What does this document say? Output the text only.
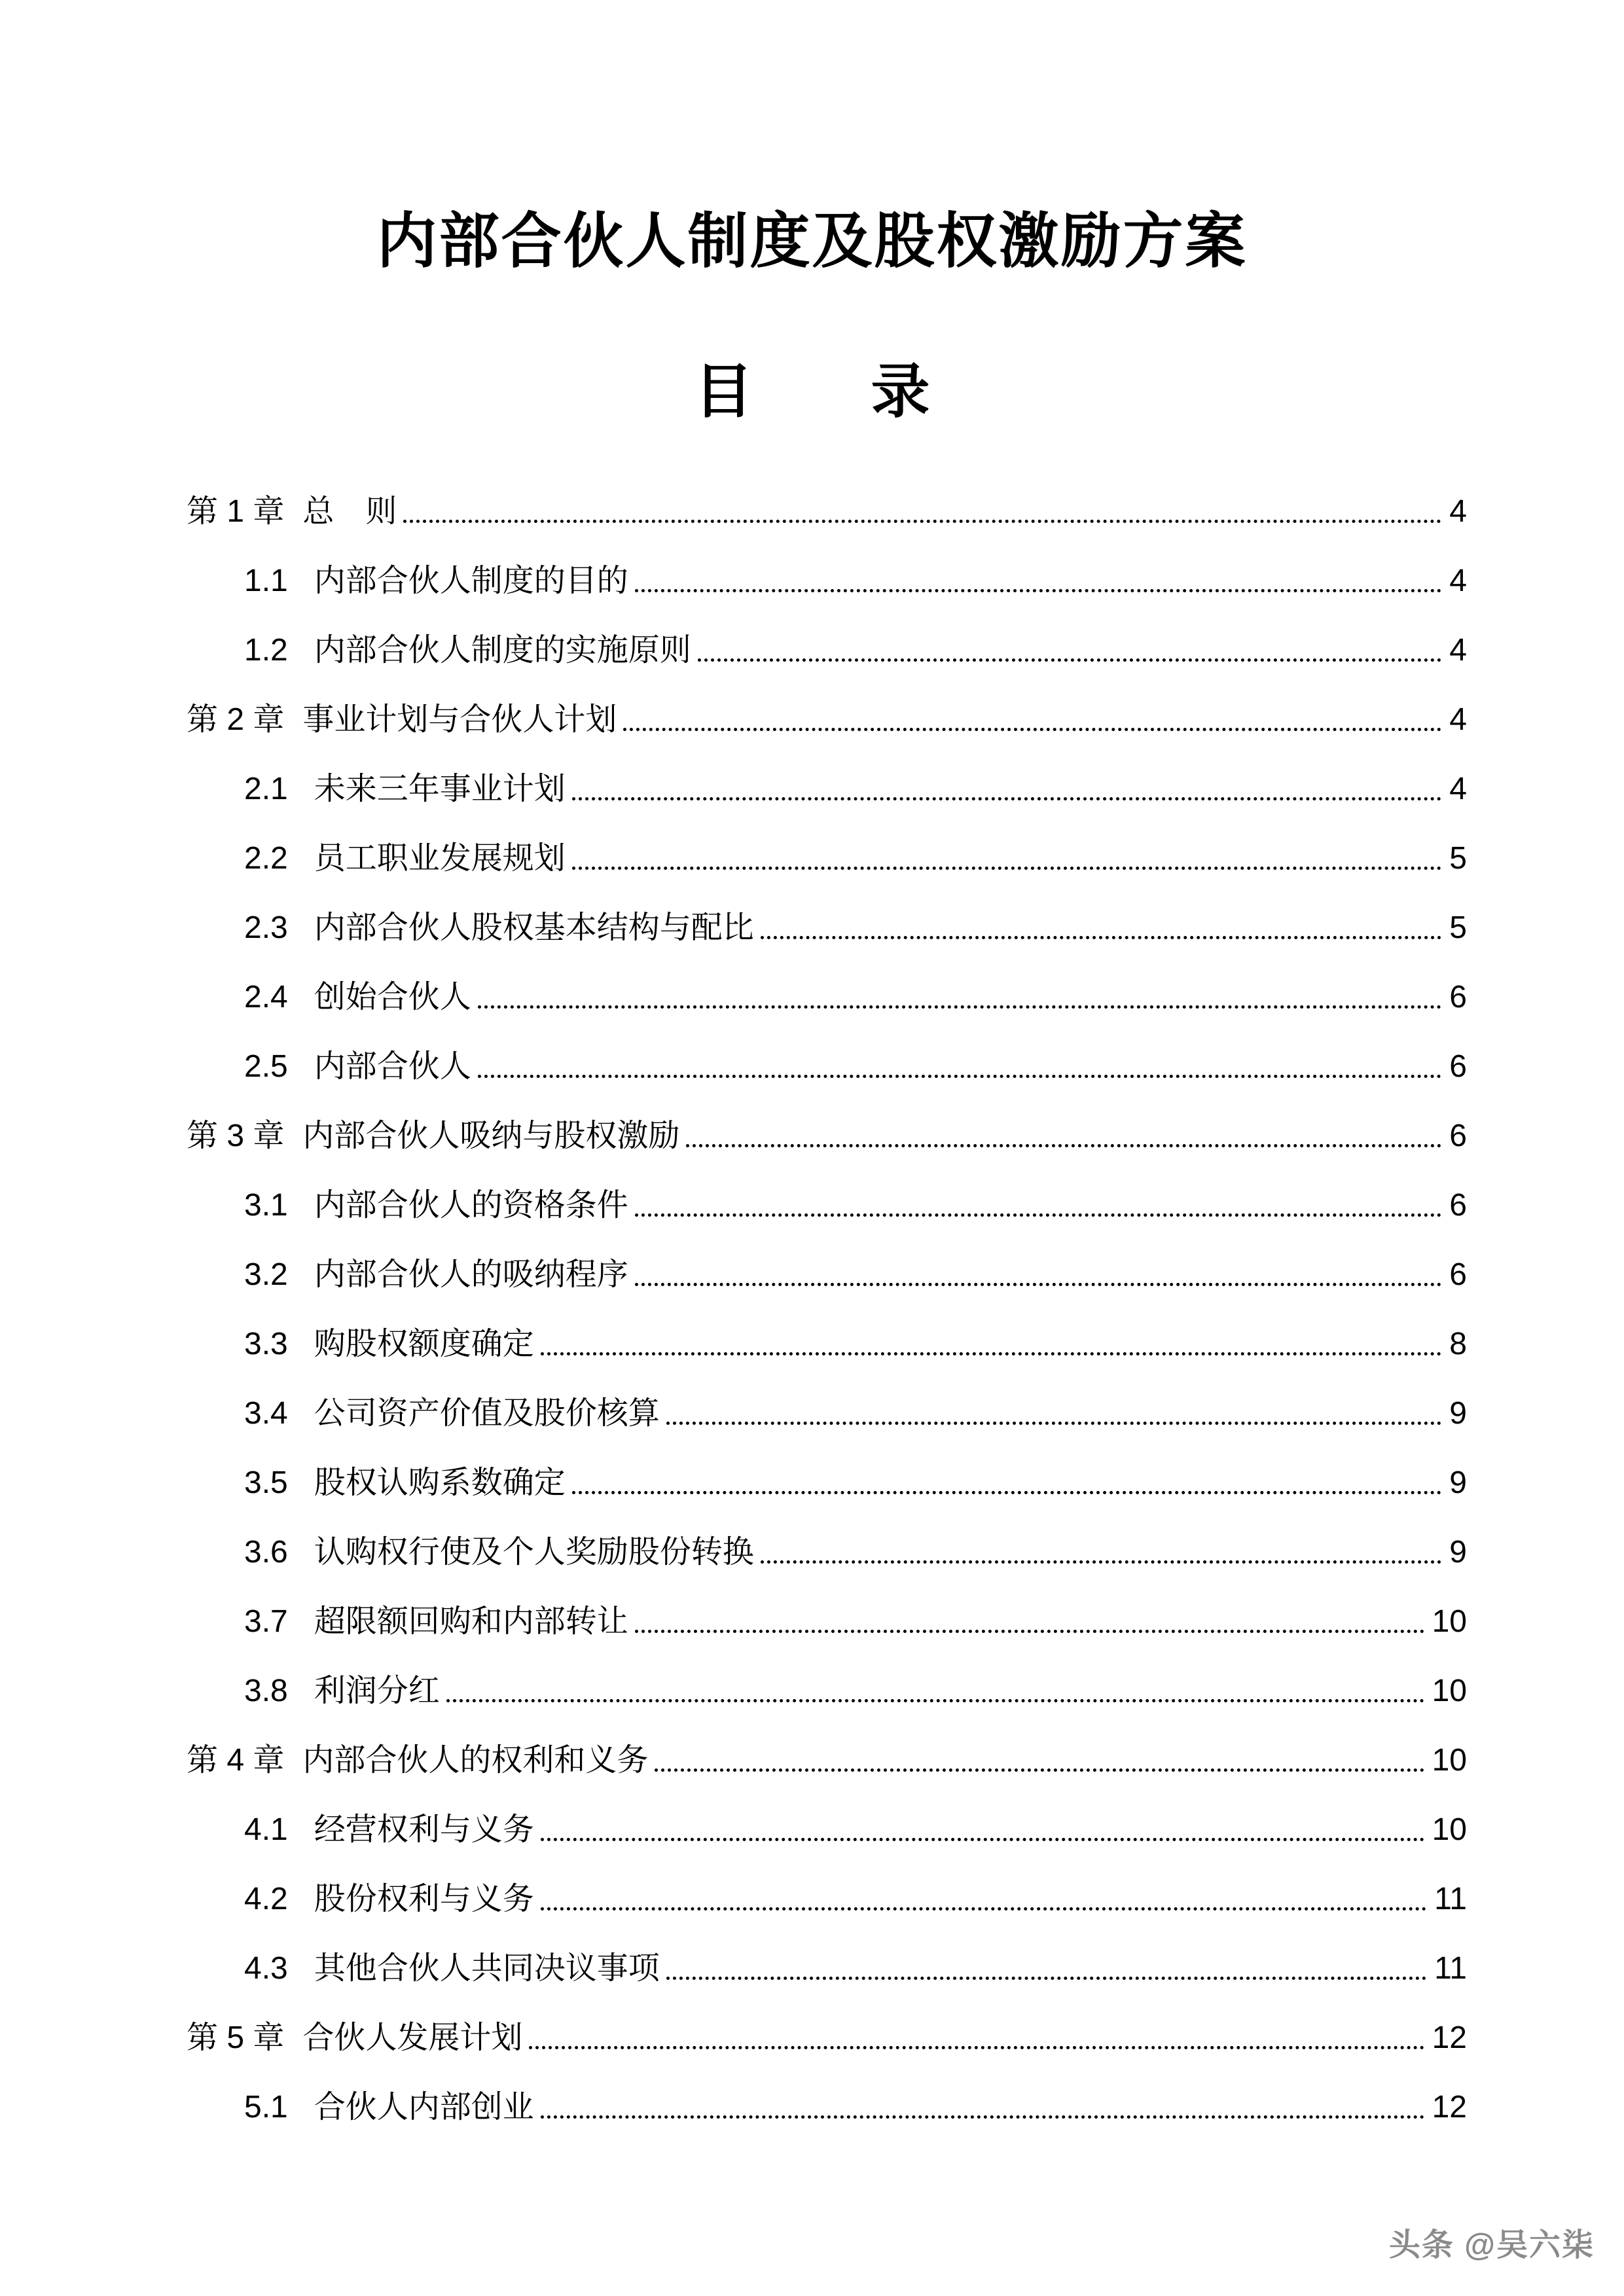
内部合伙人制度及股权激励方案
目　　录
第 1 章 总　则	4
1.1 内部合伙人制度的目的	4
1.2 内部合伙人制度的实施原则	4
第 2 章 事业计划与合伙人计划	4
2.1 未来三年事业计划	4
2.2 员工职业发展规划	5
2.3 内部合伙人股权基本结构与配比	5
2.4 创始合伙人	6
2.5 内部合伙人	6
第 3 章 内部合伙人吸纳与股权激励	6
3.1 内部合伙人的资格条件	6
3.2 内部合伙人的吸纳程序	6
3.3 购股权额度确定	8
3.4 公司资产价值及股价核算	9
3.5 股权认购系数确定	9
3.6 认购权行使及个人奖励股份转换	9
3.7 超限额回购和内部转让	10
3.8 利润分红	10
第 4 章 内部合伙人的权利和义务	10
4.1 经营权利与义务	10
4.2 股份权利与义务	11
4.3 其他合伙人共同决议事项	11
第 5 章 合伙人发展计划	12
5.1 合伙人内部创业	12
头条 @吴六柒
